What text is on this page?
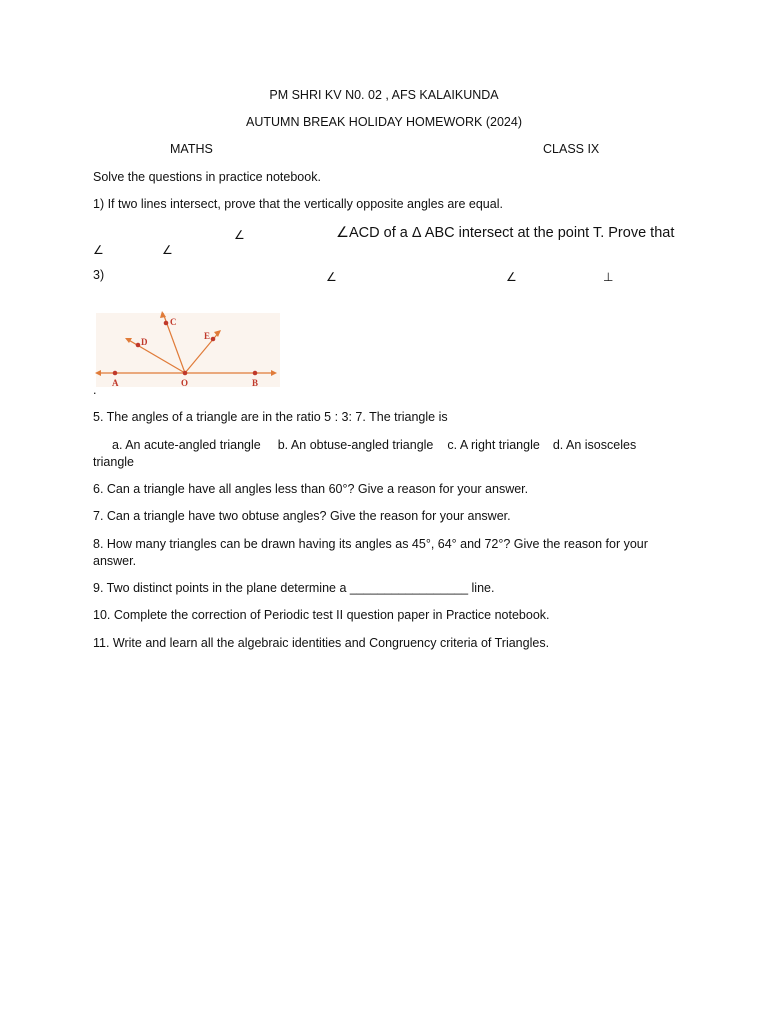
PM SHRI KV N0. 02 , AFS KALAIKUNDA
AUTUMN BREAK HOLIDAY HOMEWORK (2024)
MATHS	CLASS IX
Solve the questions in practice notebook.
1) If two lines intersect, prove that the vertically opposite angles are equal.
∠	∠ACD of a Δ ABC intersect at the point T. Prove that
∠	∠
3)	∠	∠	⊥
A	O	B
C
D
E
.
5. The angles of a triangle are in the ratio 5 : 3: 7. The triangle is
a. An acute-angled triangle b. An obtuse-angled triangle c. A right triangle d. An isosceles
triangle
6. Can a triangle have all angles less than 60°? Give a reason for your answer.
7. Can a triangle have two obtuse angles? Give the reason for your answer.
8. How many triangles can be drawn having its angles as 45°, 64° and 72°? Give the reason for your answer.
9. Two distinct points in the plane determine a _________________ line.
10. Complete the correction of Periodic test II question paper in Practice notebook.
11. Write and learn all the algebraic identities and Congruency criteria of Triangles.
